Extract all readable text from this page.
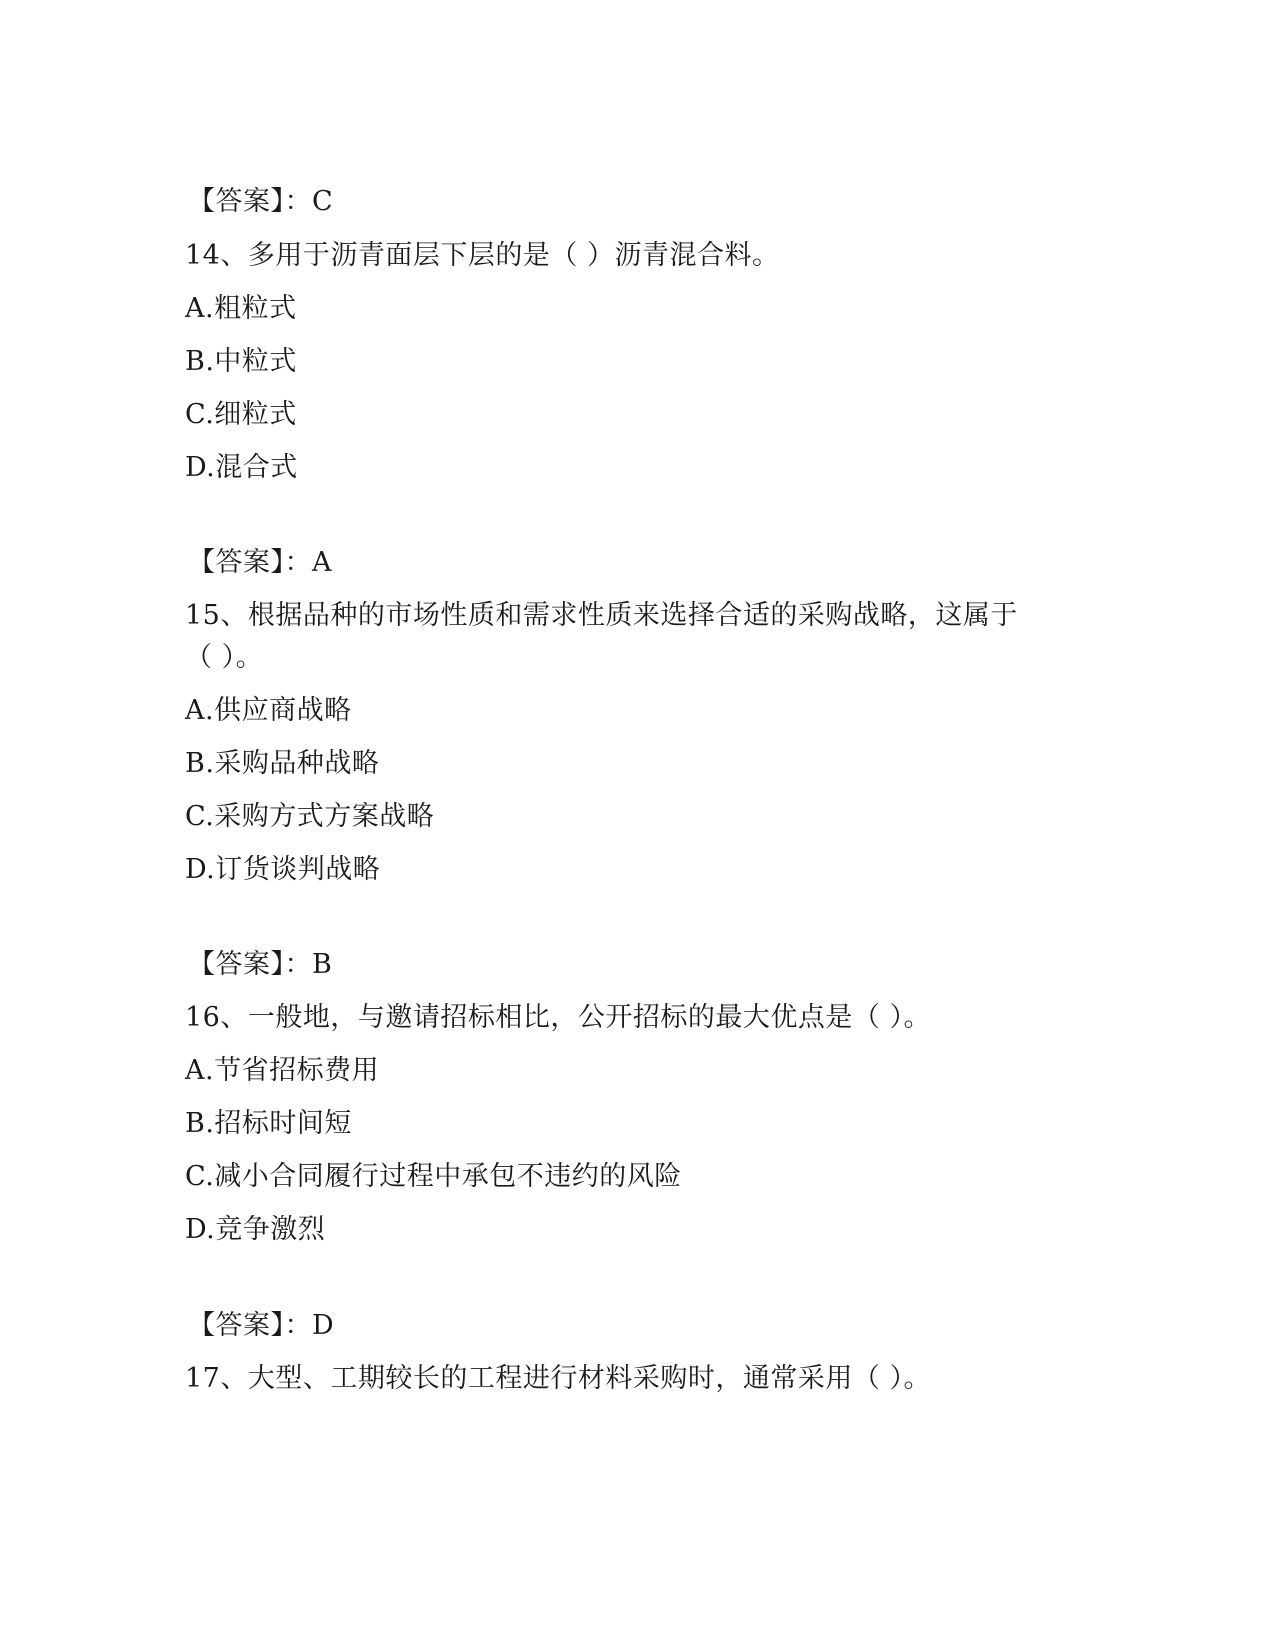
【答案】：C
14、多用于沥青面层下层的是（ ）沥青混合料。
A.粗粒式
B.中粒式
C.细粒式
D.混合式
【答案】：A
15、根据品种的市场性质和需求性质来选择合适的采购战略，这属于
（ ）。
A.供应商战略
B.采购品种战略
C.采购方式方案战略
D.订货谈判战略
【答案】：B
16、一般地，与邀请招标相比，公开招标的最大优点是（ ）。
A.节省招标费用
B.招标时间短
C.减小合同履行过程中承包不违约的风险
D.竞争激烈
【答案】：D
17、大型、工期较长的工程进行材料采购时，通常采用（ ）。
